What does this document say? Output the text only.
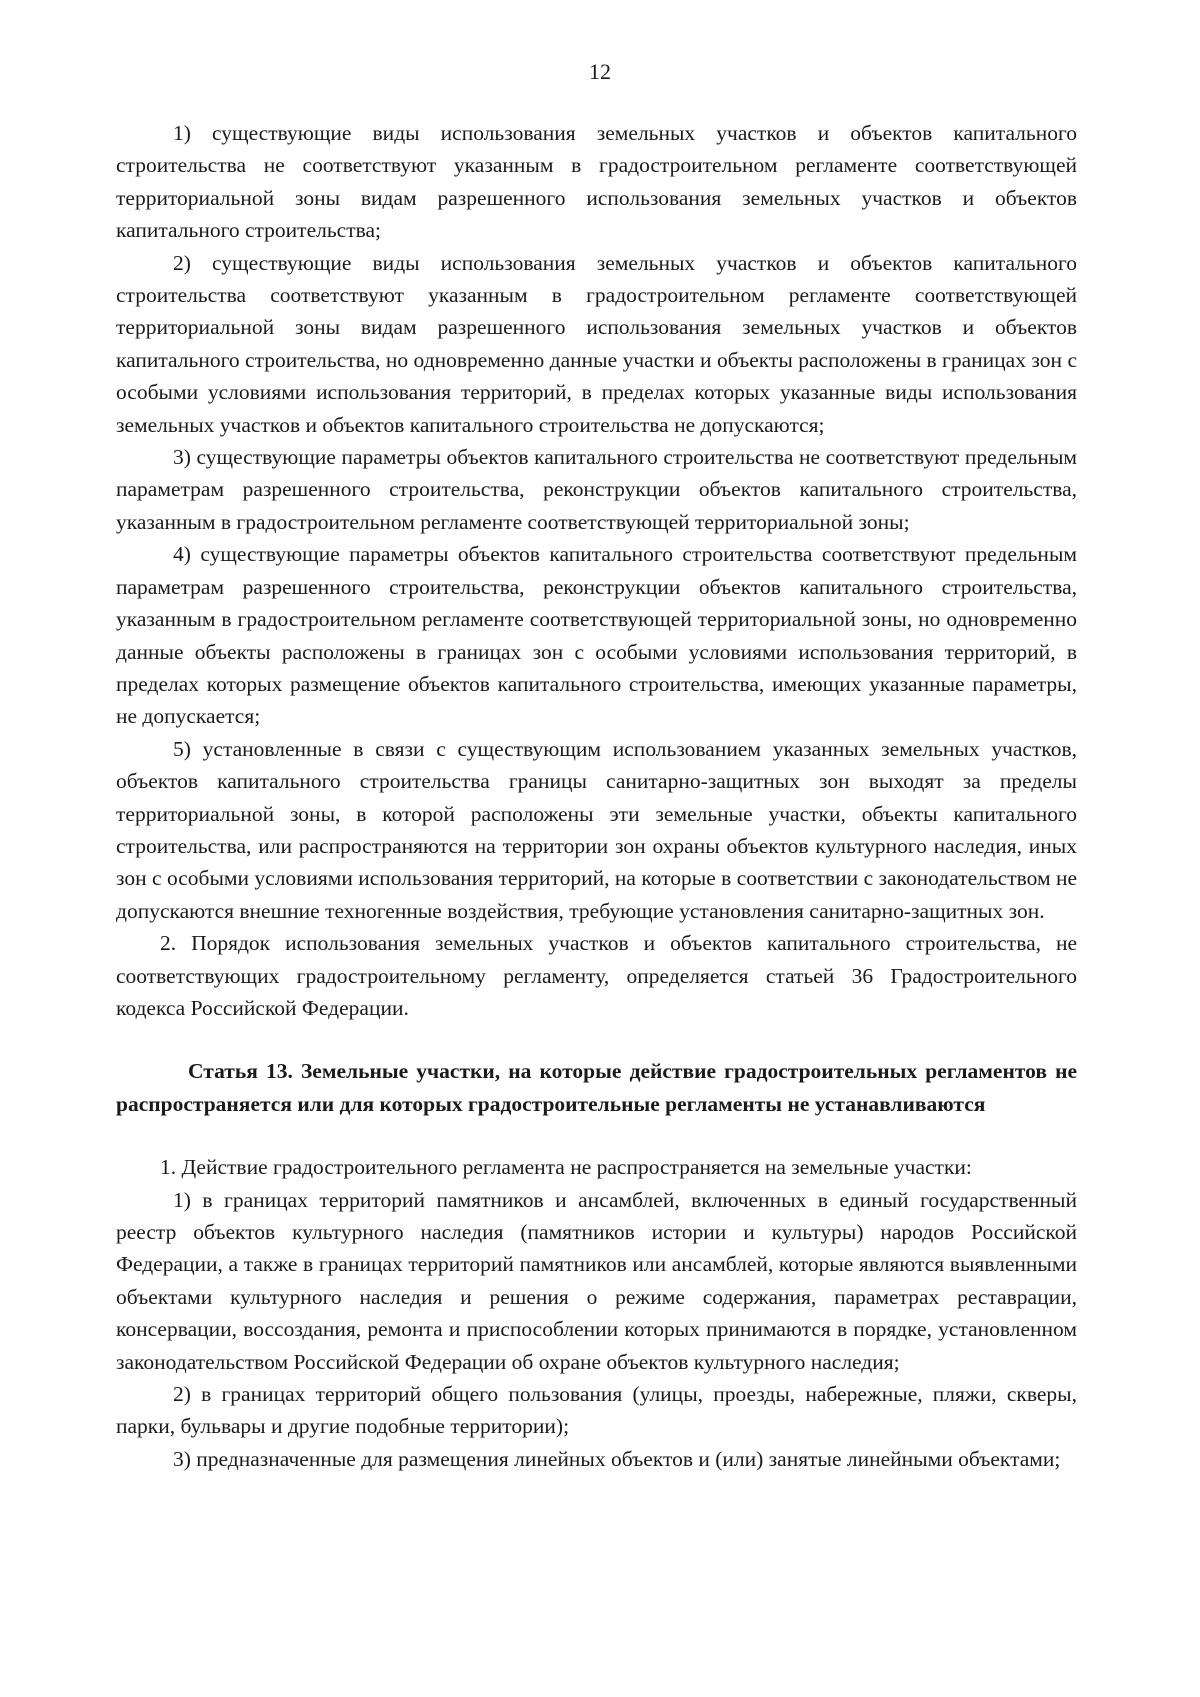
12

1) существующие виды использования земельных участков и объектов капитального строительства не соответствуют указанным в градостроительном регламенте соответствующей территориальной зоны видам разрешенного использования земельных участков и объектов капитального строительства;

2) существующие виды использования земельных участков и объектов капитального строительства соответствуют указанным в градостроительном регламенте соответствующей территориальной зоны видам разрешенного использования земельных участков и объектов капитального строительства, но одновременно данные участки и объекты расположены в границах зон с особыми условиями использования территорий, в пределах которых указанные виды использования земельных участков и объектов капитального строительства не допускаются;

3) существующие параметры объектов капитального строительства не соответствуют предельным параметрам разрешенного строительства, реконструкции объектов капитального строительства, указанным в градостроительном регламенте соответствующей территориальной зоны;

4) существующие параметры объектов капитального строительства соответствуют предельным параметрам разрешенного строительства, реконструкции объектов капитального строительства, указанным в градостроительном регламенте соответствующей территориальной зоны, но одновременно данные объекты расположены в границах зон с особыми условиями использования территорий, в пределах которых размещение объектов капитального строительства, имеющих указанные параметры, не допускается;

5) установленные в связи с существующим использованием указанных земельных участков, объектов капитального строительства границы санитарно-защитных зон выходят за пределы территориальной зоны, в которой расположены эти земельные участки, объекты капитального строительства, или распространяются на территории зон охраны объектов культурного наследия, иных зон с особыми условиями использования территорий, на которые в соответствии с законодательством не допускаются внешние техногенные воздействия, требующие установления санитарно-защитных зон.

2. Порядок использования земельных участков и объектов капитального строительства, не соответствующих градостроительному регламенту, определяется статьей 36 Градостроительного кодекса Российской Федерации.

Статья 13. Земельные участки, на которые действие градостроительных регламентов не распространяется или для которых градостроительные регламенты не устанавливаются

1. Действие градостроительного регламента не распространяется на земельные участки:

1) в границах территорий памятников и ансамблей, включенных в единый государственный реестр объектов культурного наследия (памятников истории и культуры) народов Российской Федерации, а также в границах территорий памятников или ансамблей, которые являются выявленными объектами культурного наследия и решения о режиме содержания, параметрах реставрации, консервации, воссоздания, ремонта и приспособлении которых принимаются в порядке, установленном законодательством Российской Федерации об охране объектов культурного наследия;

2) в границах территорий общего пользования (улицы, проезды, набережные, пляжи, скверы, парки, бульвары и другие подобные территории);

3) предназначенные для размещения линейных объектов и (или) занятые линейными объектами;
